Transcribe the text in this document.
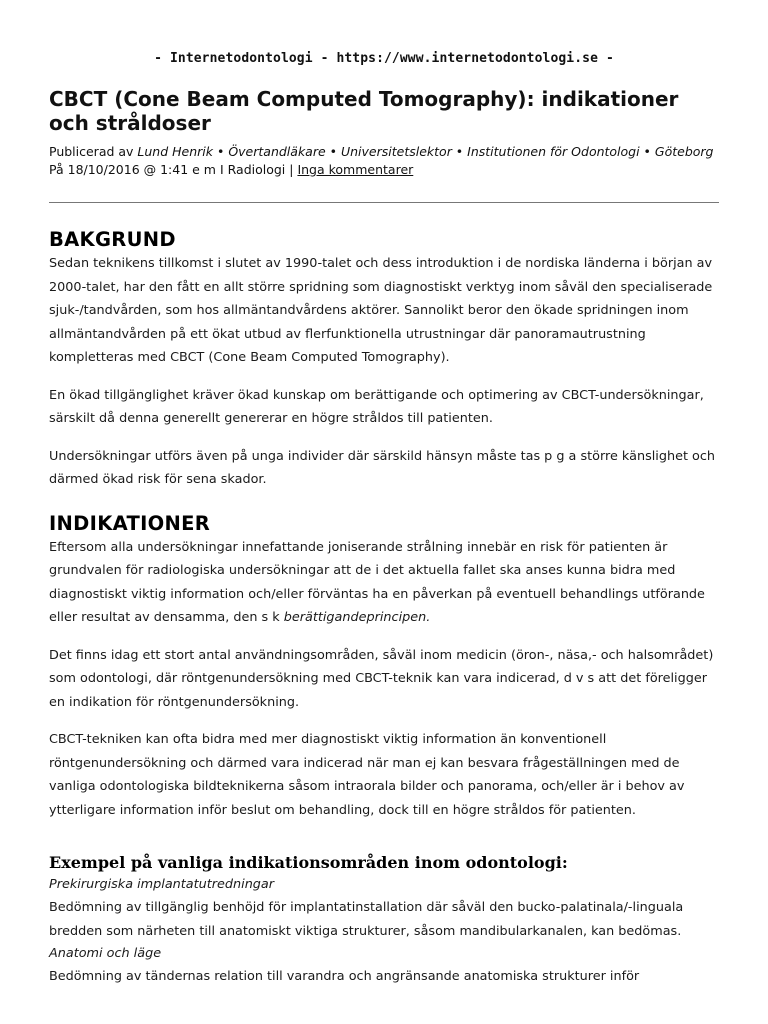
- Internetodontologi - https://www.internetodontologi.se -
CBCT (Cone Beam Computed Tomography): indikationer och stråldoser
Publicerad av Lund Henrik • Övertandläkare • Universitetslektor • Institutionen för Odontologi • Göteborg På 18/10/2016 @ 1:41 e m I Radiologi | Inga kommentarer
BAKGRUND

Sedan teknikens tillkomst i slutet av 1990-talet och dess introduktion i de nordiska länderna i början av 2000-talet, har den fått en allt större spridning som diagnostiskt verktyg inom såväl den specialiserade sjuk-/tandvården, som hos allmäntandvårdens aktörer. Sannolikt beror den ökade spridningen inom allmäntandvården på ett ökat utbud av flerfunktionella utrustningar där panoramautrustning kompletteras med CBCT (Cone Beam Computed Tomography).

En ökad tillgänglighet kräver ökad kunskap om berättigande och optimering av CBCT-undersökningar, särskilt då denna generellt genererar en högre stråldos till patienten.

Undersökningar utförs även på unga individer där särskild hänsyn måste tas p g a större känslighet och därmed ökad risk för sena skador.

INDIKATIONER

Eftersom alla undersökningar innefattande joniserande strålning innebär en risk för patienten är grundvalen för radiologiska undersökningar att de i det aktuella fallet ska anses kunna bidra med diagnostiskt viktig information och/eller förväntas ha en påverkan på eventuell behandlings utförande eller resultat av densamma, den s k berättigandeprincipen.

Det finns idag ett stort antal användningsområden, såväl inom medicin (öron-, näsa,- och halsområdet) som odontologi, där röntgenundersökning med CBCT-teknik kan vara indicerad, d v s att det föreligger en indikation för röntgenundersökning.

CBCT-tekniken kan ofta bidra med mer diagnostiskt viktig information än konventionell röntgenundersökning och därmed vara indicerad när man ej kan besvara frågeställningen med de vanliga odontologiska bildteknikerna såsom intraorala bilder och panorama, och/eller är i behov av ytterligare information inför beslut om behandling, dock till en högre stråldos för patienten.

Exempel på vanliga indikationsområden inom odontologi:

Prekirurgiska implantatutredningar

Bedömning av tillgänglig benhöjd för implantatinstallation där såväl den bucko-palatinala/-linguala bredden som närheten till anatomiskt viktiga strukturer, såsom mandibularkanalen, kan bedömas.

Anatomi och läge

Bedömning av tändernas relation till varandra och angränsande anatomiska strukturer inför
